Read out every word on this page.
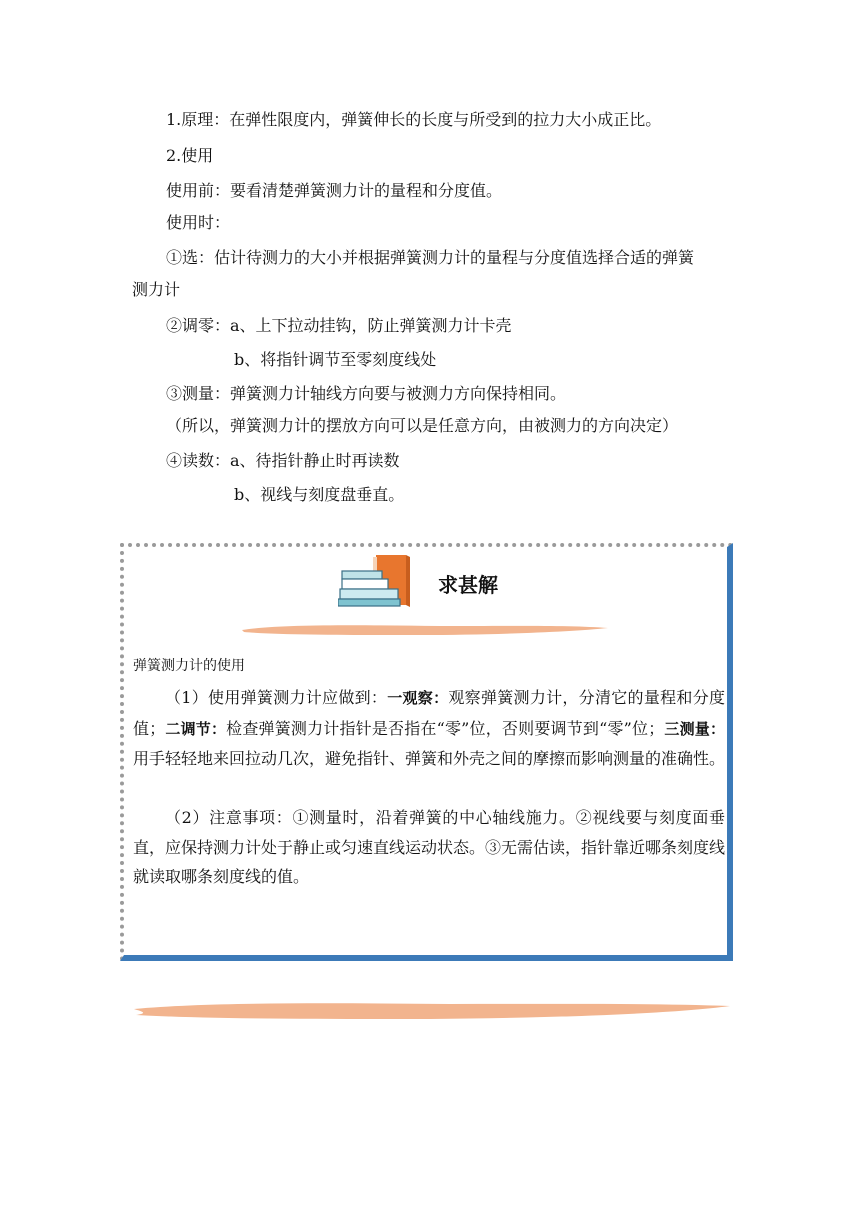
1.原理：在弹性限度内，弹簧伸长的长度与所受到的拉力大小成正比。
2.使用
使用前：要看清楚弹簧测力计的量程和分度值。
使用时：
①选：估计待测力的大小并根据弹簧测力计的量程与分度值选择合适的弹簧
测力计
②调零：a、上下拉动挂钩，防止弹簧测力计卡壳
b、将指针调节至零刻度线处
③测量：弹簧测力计轴线方向要与被测力方向保持相同。
（所以，弹簧测力计的摆放方向可以是任意方向，由被测力的方向决定）
④读数：a、待指针静止时再读数
b、视线与刻度盘垂直。
求甚解
弹簧测力计的使用
（1）使用弹簧测力计应做到：一观察：观察弹簧测力计，分清它的量程和分度值；二调节：检查弹簧测力计指针是否指在“零”位，否则要调节到“零”位；三测量：用手轻轻地来回拉动几次，避免指针、弹簧和外壳之间的摩擦而影响测量的准确性。
（2）注意事项：①测量时，沿着弹簧的中心轴线施力。②视线要与刻度面垂直，应保持测力计处于静止或匀速直线运动状态。③无需估读，指针靠近哪条刻度线就读取哪条刻度线的值。
